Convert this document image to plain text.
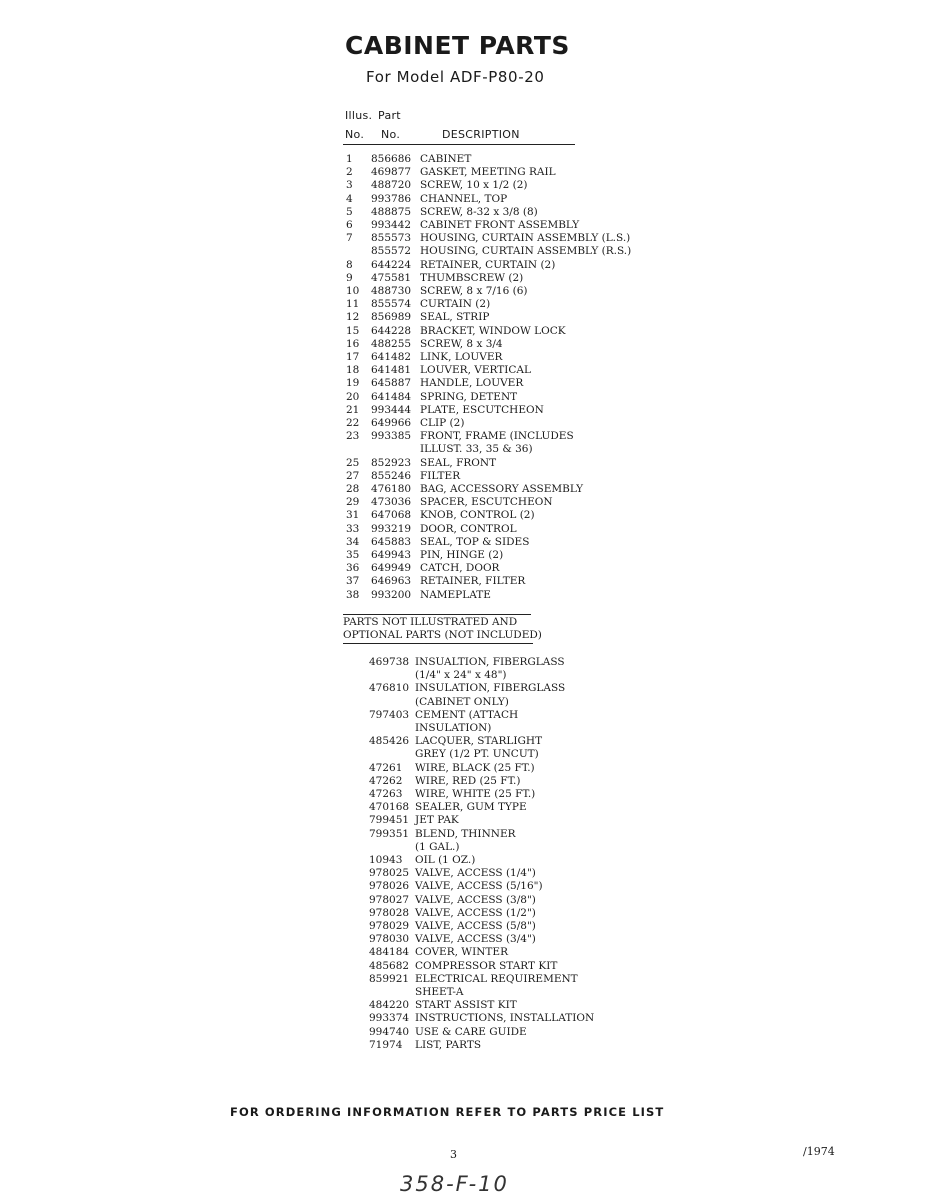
CABINET PARTS
For Model ADF-P80-20
Illus. Part
No. No.	DESCRIPTION
1 856686 CABINET
2 469877 GASKET, MEETING RAIL
3 488720 SCREW, 10 x 1/2 (2)
4 993786 CHANNEL, TOP
5 488875 SCREW, 8-32 x 3/8 (8)
6 993442 CABINET FRONT ASSEMBLY
7 855573 HOUSING, CURTAIN ASSEMBLY (L.S.)
855572 HOUSING, CURTAIN ASSEMBLY (R.S.)
8 644224 RETAINER, CURTAIN (2)
9 475581 THUMBSCREW (2)
10 488730 SCREW, 8 x 7/16 (6)
11 855574 CURTAIN (2)
12 856989 SEAL, STRIP
15 644228 BRACKET, WINDOW LOCK
16 488255 SCREW, 8 x 3/4
17 641482 LINK, LOUVER
18 641481 LOUVER, VERTICAL
19 645887 HANDLE, LOUVER
20 641484 SPRING, DETENT
21 993444 PLATE, ESCUTCHEON
22 649966 CLIP (2)
23 993385 FRONT, FRAME (INCLUDES
ILLUST. 33, 35 & 36)
25 852923 SEAL, FRONT
27 855246 FILTER
28 476180 BAG, ACCESSORY ASSEMBLY
29 473036 SPACER, ESCUTCHEON
31 647068 KNOB, CONTROL (2)
33 993219 DOOR, CONTROL
34 645883 SEAL, TOP & SIDES
35 649943 PIN, HINGE (2)
36 649949 CATCH, DOOR
37 646963 RETAINER, FILTER
38 993200 NAMEPLATE
PARTS NOT ILLUSTRATED AND
OPTIONAL PARTS (NOT INCLUDED)
469738 INSUALTION, FIBERGLASS
(1/4" x 24" x 48")
476810 INSULATION, FIBERGLASS
(CABINET ONLY)
797403 CEMENT (ATTACH
INSULATION)
485426 LACQUER, STARLIGHT
GREY (1/2 PT. UNCUT)
47261 WIRE, BLACK (25 FT.)
47262 WIRE, RED (25 FT.)
47263 WIRE, WHITE (25 FT.)
470168 SEALER, GUM TYPE
799451 JET PAK
799351 BLEND, THINNER
(1 GAL.)
10943 OIL (1 OZ.)
978025 VALVE, ACCESS (1/4")
978026 VALVE, ACCESS (5/16")
978027 VALVE, ACCESS (3/8")
978028 VALVE, ACCESS (1/2")
978029 VALVE, ACCESS (5/8")
978030 VALVE, ACCESS (3/4")
484184 COVER, WINTER
485682 COMPRESSOR START KIT
859921 ELECTRICAL REQUIREMENT
SHEET-A
484220 START ASSIST KIT
993374 INSTRUCTIONS, INSTALLATION
994740 USE & CARE GUIDE
71974 LIST, PARTS
FOR ORDERING INFORMATION REFER TO PARTS PRICE LIST
3	/1974
358-F-10
